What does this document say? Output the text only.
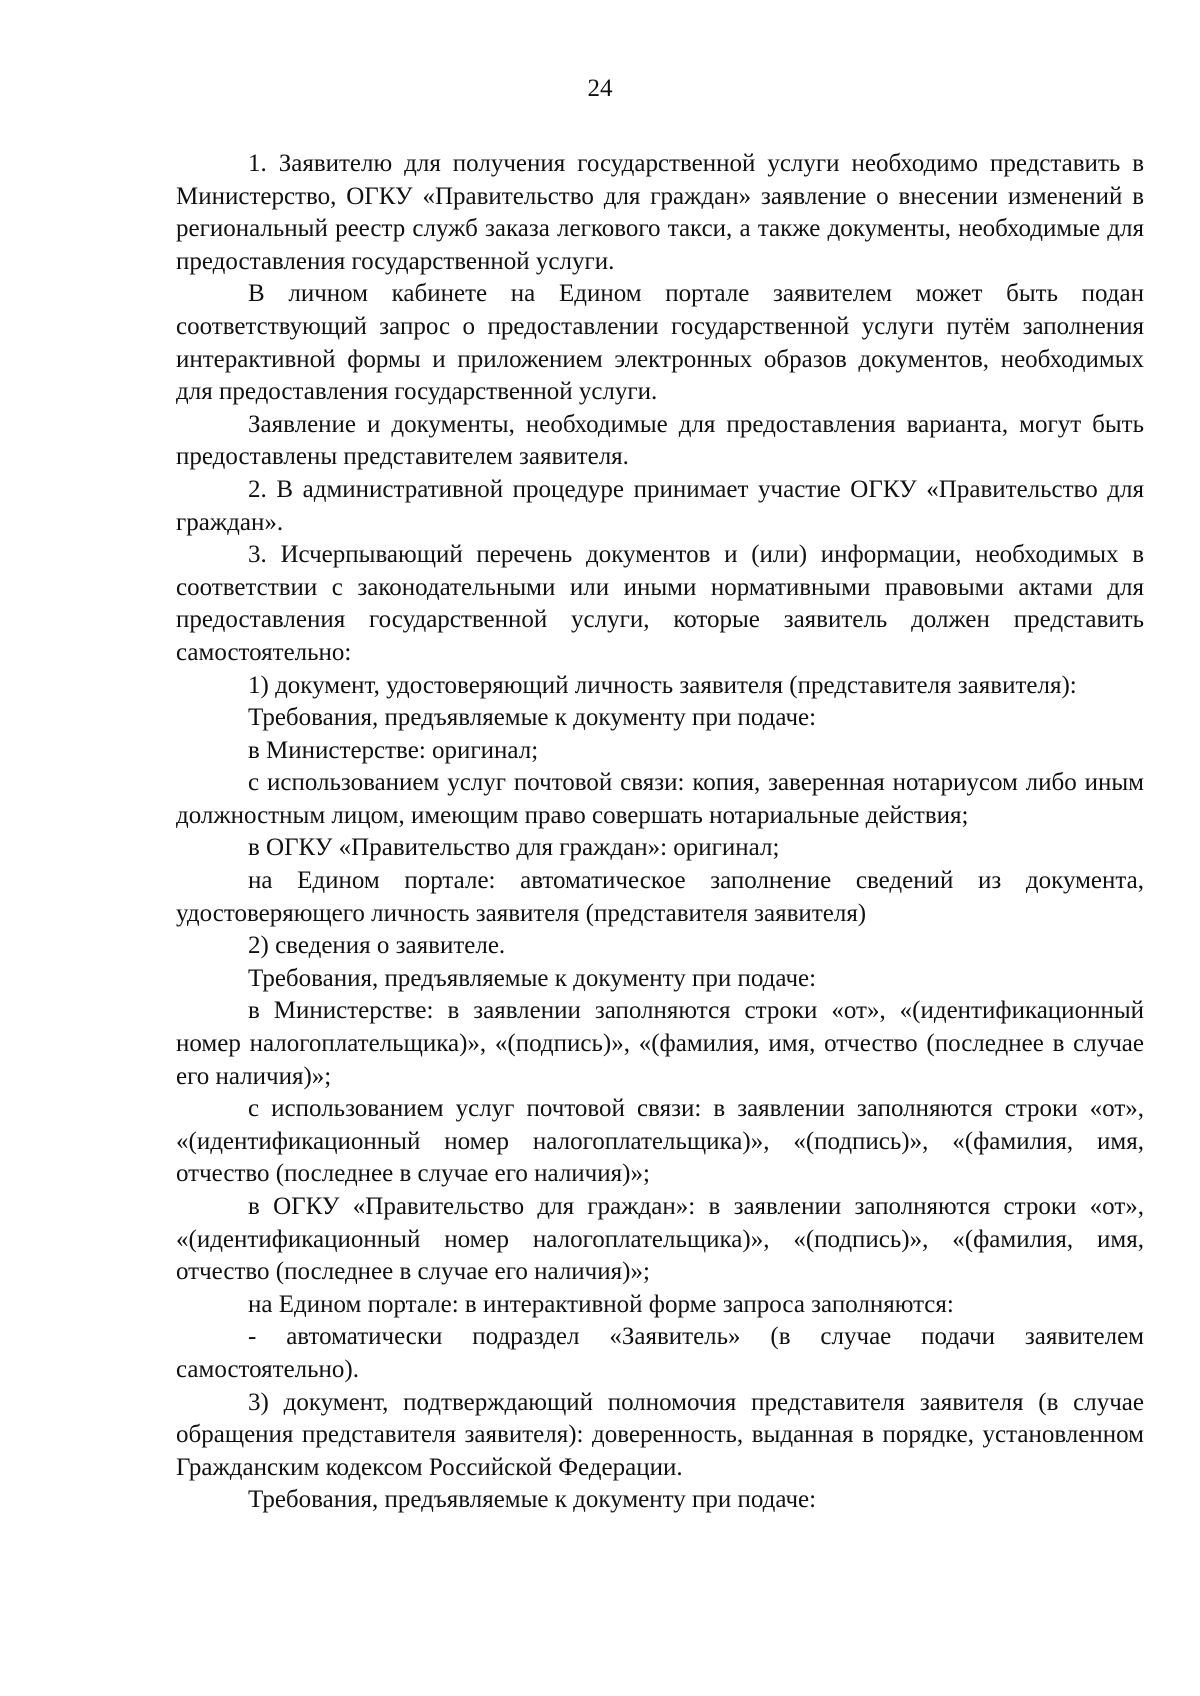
24

1. Заявителю для получения государственной услуги необходимо представить в Министерство, ОГКУ «Правительство для граждан» заявление о внесении изменений в региональный реестр служб заказа легкового такси, а также документы, необходимые для предоставления государственной услуги.

В личном кабинете на Едином портале заявителем может быть подан соответствующий запрос о предоставлении государственной услуги путём заполнения интерактивной формы и приложением электронных образов документов, необходимых для предоставления государственной услуги.

Заявление и документы, необходимые для предоставления варианта, могут быть предоставлены представителем заявителя.

2. В административной процедуре принимает участие ОГКУ «Правительство для граждан».

3. Исчерпывающий перечень документов и (или) информации, необходимых в соответствии с законодательными или иными нормативными правовыми актами для предоставления государственной услуги, которые заявитель должен представить самостоятельно:

1) документ, удостоверяющий личность заявителя (представителя заявителя):

Требования, предъявляемые к документу при подаче:

в Министерстве: оригинал;

с использованием услуг почтовой связи: копия, заверенная нотариусом либо иным должностным лицом, имеющим право совершать нотариальные действия;

в ОГКУ «Правительство для граждан»: оригинал;

на Едином портале: автоматическое заполнение сведений из документа, удостоверяющего личность заявителя (представителя заявителя)

2) сведения о заявителе.

Требования, предъявляемые к документу при подаче:

в Министерстве: в заявлении заполняются строки «от», «(идентификационный номер налогоплательщика)», «(подпись)», «(фамилия, имя, отчество (последнее в случае его наличия)»;

с использованием услуг почтовой связи: в заявлении заполняются строки «от», «(идентификационный номер налогоплательщика)», «(подпись)», «(фамилия, имя, отчество (последнее в случае его наличия)»;

в ОГКУ «Правительство для граждан»: в заявлении заполняются строки «от», «(идентификационный номер налогоплательщика)», «(подпись)», «(фамилия, имя, отчество (последнее в случае его наличия)»;

на Едином портале: в интерактивной форме запроса заполняются:

- автоматически подраздел «Заявитель» (в случае подачи заявителем самостоятельно).

3) документ, подтверждающий полномочия представителя заявителя (в случае обращения представителя заявителя): доверенность, выданная в порядке, установленном Гражданским кодексом Российской Федерации.

Требования, предъявляемые к документу при подаче:
